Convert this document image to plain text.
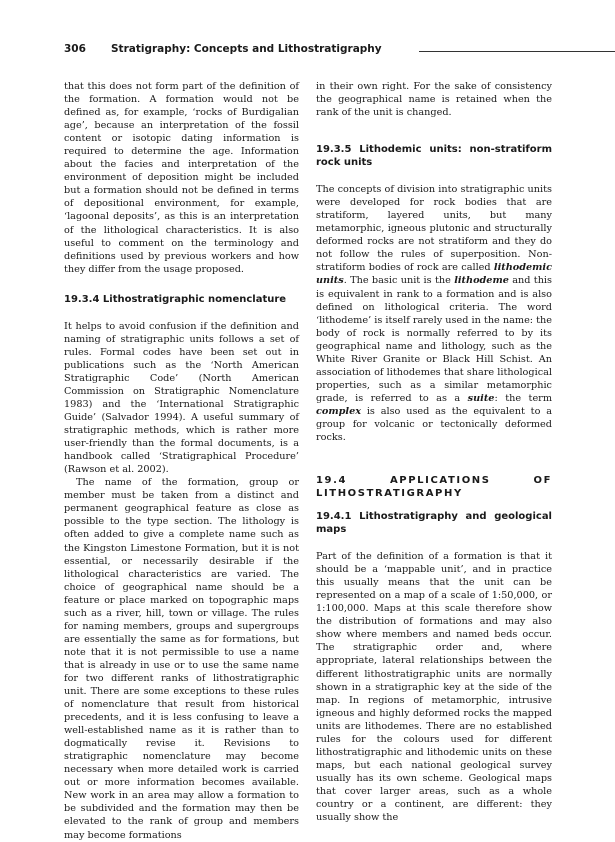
306 Stratigraphy: Concepts and Lithostratigraphy

that this does not form part of the definition of the formation. A formation would not be defined as, for example, ‘rocks of Burdigalian age’, because an interpretation of the fossil content or isotopic dating information is required to determine the age. Information about the facies and interpretation of the environment of deposition might be included but a formation should not be defined in terms of depositional environment, for example, ‘lagoonal deposits’, as this is an interpretation of the lithological characteristics. It is also useful to comment on the terminology and definitions used by previous workers and how they differ from the usage proposed.

19.3.4 Lithostratigraphic nomenclature

It helps to avoid confusion if the definition and naming of stratigraphic units follows a set of rules. Formal codes have been set out in publications such as the ‘North American Stratigraphic Code’ (North American Commission on Stratigraphic Nomenclature 1983) and the ‘International Stratigraphic Guide’ (Salvador 1994). A useful summary of stratigraphic methods, which is rather more user-friendly than the formal documents, is a handbook called ‘Stratigraphical Procedure’ (Rawson et al. 2002).

The name of the formation, group or member must be taken from a distinct and permanent geographical feature as close as possible to the type section. The lithology is often added to give a complete name such as the Kingston Limestone Formation, but it is not essential, or necessarily desirable if the lithological characteristics are varied. The choice of geographical name should be a feature or place marked on topographic maps such as a river, hill, town or village. The rules for naming members, groups and supergroups are essentially the same as for formations, but note that it is not permissible to use a name that is already in use or to use the same name for two different ranks of lithostratigraphic unit. There are some exceptions to these rules of nomenclature that result from historical precedents, and it is less confusing to leave a well-established name as it is rather than to dogmatically revise it. Revisions to stratigraphic nomenclature may become necessary when more detailed work is carried out or more information becomes available. New work in an area may allow a formation to be subdivided and the formation may then be elevated to the rank of group and members may become formations

in their own right. For the sake of consistency the geographical name is retained when the rank of the unit is changed.

19.3.5 Lithodemic units: non-stratiform rock units

The concepts of division into stratigraphic units were developed for rock bodies that are stratiform, layered units, but many metamorphic, igneous plutonic and structurally deformed rocks are not stratiform and they do not follow the rules of superposition. Non-stratiform bodies of rock are called lithodemic units. The basic unit is the lithodeme and this is equivalent in rank to a formation and is also defined on lithological criteria. The word ‘lithodeme’ is itself rarely used in the name: the body of rock is normally referred to by its geographical name and lithology, such as the White River Granite or Black Hill Schist. An association of lithodemes that share lithological properties, such as a similar metamorphic grade, is referred to as a suite: the term complex is also used as the equivalent to a group for volcanic or tectonically deformed rocks.

19.4 APPLICATIONS OF LITHOSTRATIGRAPHY
19.4.1 Lithostratigraphy and geological maps

Part of the definition of a formation is that it should be a ‘mappable unit’, and in practice this usually means that the unit can be represented on a map of a scale of 1:50,000, or 1:100,000. Maps at this scale therefore show the distribution of formations and may also show where members and named beds occur. The stratigraphic order and, where appropriate, lateral relationships between the different lithostratigraphic units are normally shown in a stratigraphic key at the side of the map. In regions of metamorphic, intrusive igneous and highly deformed rocks the mapped units are lithodemes. There are no established rules for the colours used for different lithostratigraphic and lithodemic units on these maps, but each national geological survey usually has its own scheme. Geological maps that cover larger areas, such as a whole country or a continent, are different: they usually show the
